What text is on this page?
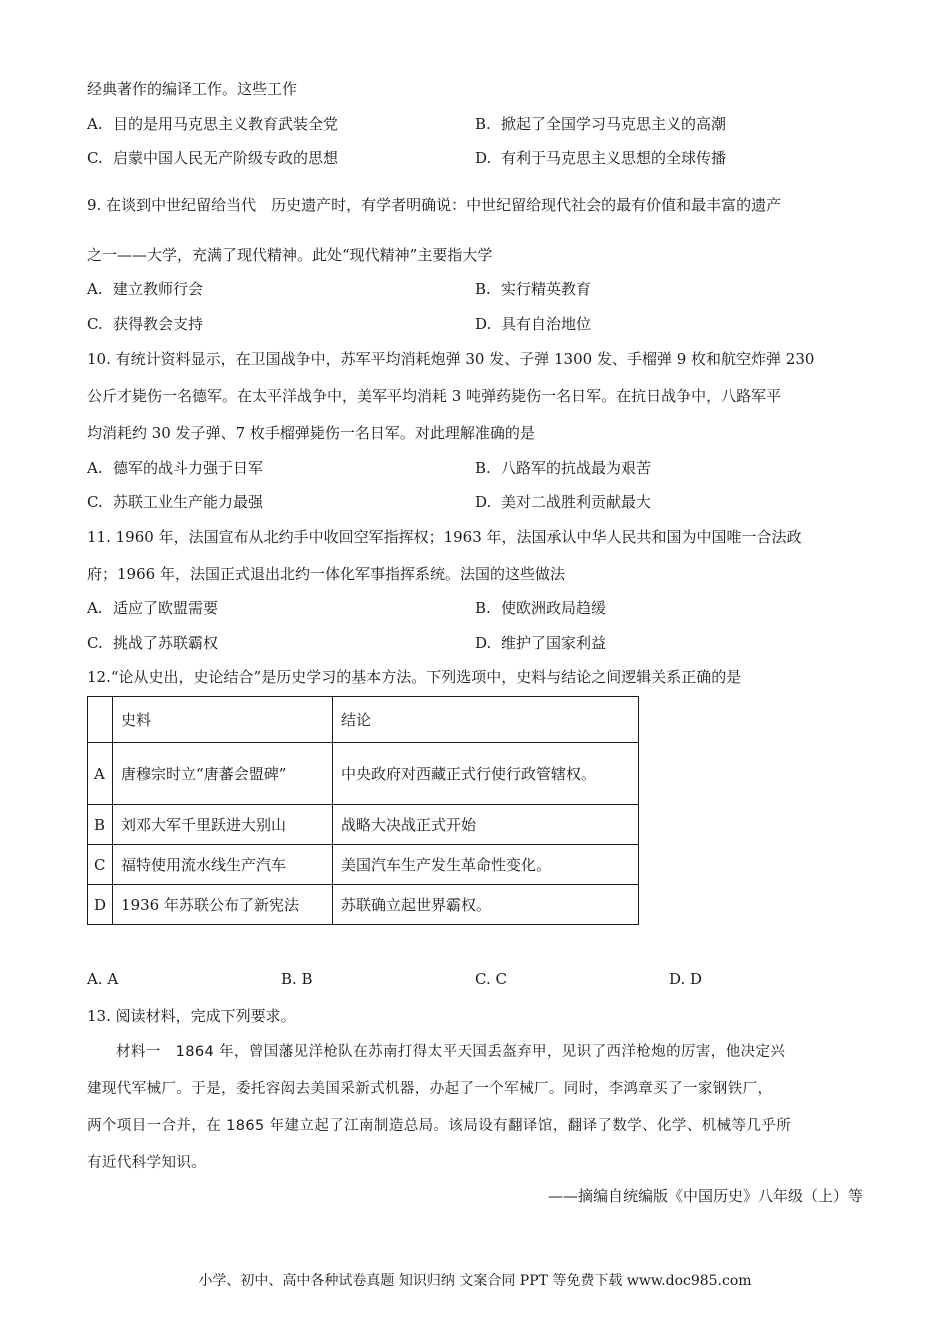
经典著作的编译工作。这些工作
A. 目的是用马克思主义教育武装全党	B. 掀起了全国学习马克思主义的高潮
C. 启蒙中国人民无产阶级专政的思想	D. 有利于马克思主义思想的全球传播
9. 在谈到中世纪留给当代　历史遗产时，有学者明确说：中世纪留给现代社会的最有价值和最丰富的遗产
之一——大学，充满了现代精神。此处“现代精神”主要指大学
A. 建立教师行会	B. 实行精英教育
C. 获得教会支持	D. 具有自治地位
10. 有统计资料显示，在卫国战争中，苏军平均消耗炮弹 30 发、子弹 1300 发、手榴弹 9 枚和航空炸弹 230
公斤才毙伤一名德军。在太平洋战争中，美军平均消耗 3 吨弹药毙伤一名日军。在抗日战争中，八路军平
均消耗约 30 发子弹、7 枚手榴弹毙伤一名日军。对此理解准确的是
A. 德军的战斗力强于日军	B. 八路军的抗战最为艰苦
C. 苏联工业生产能力最强	D. 美对二战胜利贡献最大
11. 1960 年，法国宣布从北约手中收回空军指挥权；1963 年，法国承认中华人民共和国为中国唯一合法政
府；1966 年，法国正式退出北约一体化军事指挥系统。法国的这些做法
A. 适应了欧盟需要	B. 使欧洲政局趋缓
C. 挑战了苏联霸权	D. 维护了国家利益
12.“论从史出，史论结合”是历史学习的基本方法。下列选项中，史料与结论之间逻辑关系正确的是
	史料	结论
A	唐穆宗时立“唐蕃会盟碑”	中央政府对西藏正式行使行政管辖权。
B	刘邓大军千里跃进大别山	战略大决战正式开始
C	福特使用流水线生产汽车	美国汽车生产发生革命性变化。
D	1936 年苏联公布了新宪法	苏联确立起世界霸权。
A. A	B. B	C. C	D. D
13. 阅读材料，完成下列要求。
材料一　1864 年，曾国藩见洋枪队在苏南打得太平天国丢盔弃甲，见识了西洋枪炮的厉害，他决定兴
建现代军械厂。于是，委托容闳去美国采新式机器，办起了一个军械厂。同时，李鸿章买了一家钢铁厂，
两个项目一合并，在 1865 年建立起了江南制造总局。该局设有翻译馆，翻译了数学、化学、机械等几乎所
有近代科学知识。
——摘编自统编版《中国历史》八年级（上）等
小学、初中、高中各种试卷真题 知识归纳 文案合同 PPT 等免费下载 www.doc985.com
